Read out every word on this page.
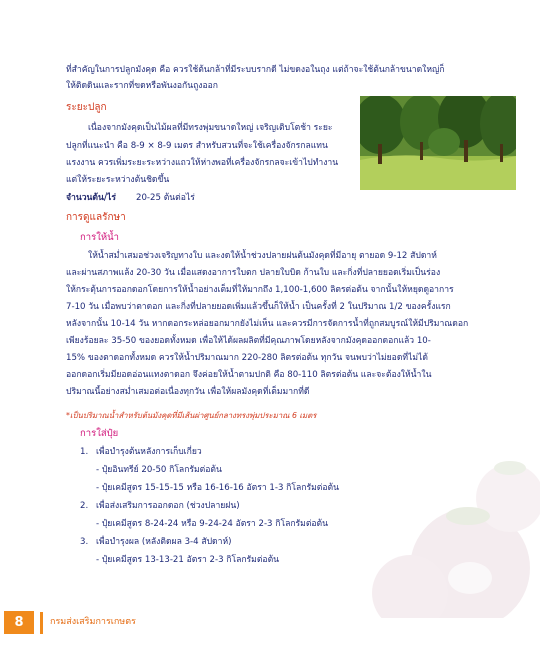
ที่สำคัญในการปลูกมังคุด คือ ควรใช้ต้นกล้าที่มีระบบรากดี ไม่ขดงอในถุง แต่ถ้าจะใช้ต้นกล้าขนาดใหญ่ก็
ให้ติดดินและรากที่ขดหรือพันงอกันถูงออก
ระยะปลูก
เนื่องจากมังคุดเป็นไม้ผลที่มีทรงพุ่มขนาดใหญ่ เจริญเติบโตช้า ระยะ
ปลูกที่แนะนำ คือ 8-9 × 8-9 เมตร สำหรับสวนที่จะใช้เครื่องจักรกลแทน
แรงงาน ควรเพิ่มระยะระหว่างแถวให้ห่างพอที่เครื่องจักรกลจะเข้าไปทำงาน
แต่ให้ระยะระหว่างต้นชิดขึ้น
จำนวนต้น/ไร่ 20-25 ต้นต่อไร่
การดูแลรักษา
การให้น้ำ
ให้น้ำสม่ำเสมอช่วงเจริญทางใบ และงดให้น้ำช่วงปลายฝนต้นมังคุดที่มีอายุ ตายอด 9-12 สัปดาห์
และผ่านสภาพแล้ง 20-30 วัน เมื่อแสดงอาการใบตก ปลายใบบิด ก้านใบ และกิ่งที่ปลายยอดเริ่มเป็นร่อง
ให้กระตุ้นการออกดอกโดยการให้น้ำอย่างเต็มที่ให้มากถึง 1,100-1,600 ลิตรต่อต้น จากนั้นให้หยุดดูอาการ
7-10 วัน เมื่อพบว่าตาดอก และกิ่งที่ปลายยอดเพิ่มแล้วขึ้นก็ให้น้ำ เป็นครั้งที่ 2 ในปริมาณ 1/2 ของครั้งแรก
หลังจากนั้น 10-14 วัน หากดอกระหล่อยอกมากยังไม่เห็น และควรมีการจัดการน้ำที่ถูกสมบูรณ์ให้มีปริมาณดอก
เพียงร้อยละ 35-50 ของยอดทั้งหมด เพื่อให้ได้ผลผลิตที่มีคุณภาพโดยหลังจากมังคุดออกดอกแล้ว 10-
15% ของตาดอกทั้งหมด ควรให้น้ำปริมาณมาก 220-280 ลิตรต่อต้น ทุกวัน จนพบว่าไม่ยอดที่ไม่ได้
ออกดอกเริ่มมียอดอ่อนแทงตาดอก จึงค่อยให้น้ำตามปกติ คือ 80-110 ลิตรต่อต้น และจะต้องให้น้ำใน
ปริมาณนี้อย่างสม่ำเสมอต่อเนื่องทุกวัน เพื่อให้ผลมังคุดที่เต็มมากที่ดี
*เป็นปริมาณน้ำสำหรับต้นมังคุดที่มีเส้นผ่าศูนย์กลางทรงพุ่มประมาณ 6 เมตร
การใส่ปุ๋ย
1. เพื่อบำรุงต้นหลังการเก็บเกี่ยว
- ปุ๋ยอินทรีย์ 20-50 กิโลกรัมต่อต้น
- ปุ๋ยเคมีสูตร 15-15-15 หรือ 16-16-16 อัตรา 1-3 กิโลกรัมต่อต้น
2. เพื่อส่งเสริมการออกดอก (ช่วงปลายฝน)
- ปุ๋ยเคมีสูตร 8-24-24 หรือ 9-24-24 อัตรา 2-3 กิโลกรัมต่อต้น
3. เพื่อบำรุงผล (หลังติดผล 3-4 สัปดาห์)
- ปุ๋ยเคมีสูตร 13-13-21 อัตรา 2-3 กิโลกรัมต่อต้น
8	กรมส่งเสริมการเกษตร
